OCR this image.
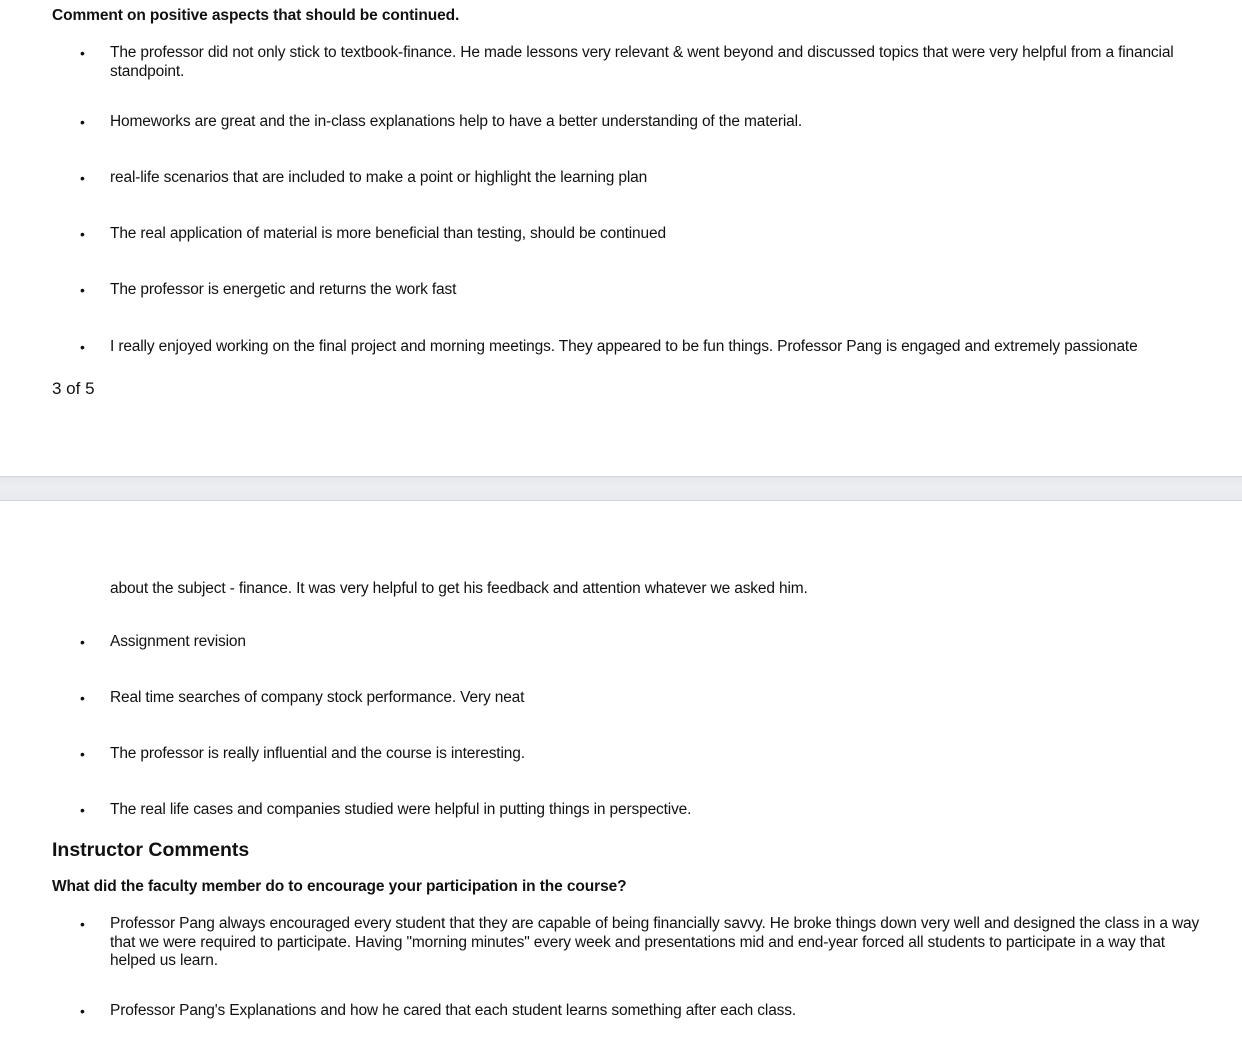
Comment on positive aspects that should be continued.
• The professor did not only stick to textbook-finance. He made lessons very relevant & went beyond and discussed topics that were very helpful from a financial standpoint.
• Homeworks are great and the in-class explanations help to have a better understanding of the material.
• real-life scenarios that are included to make a point or highlight the learning plan
• The real application of material is more beneficial than testing, should be continued
• The professor is energetic and returns the work fast
• I really enjoyed working on the final project and morning meetings. They appeared to be fun things. Professor Pang is engaged and extremely passionate
3 of 5
about the subject - finance. It was very helpful to get his feedback and attention whatever we asked him.
• Assignment revision
• Real time searches of company stock performance. Very neat
• The professor is really influential and the course is interesting.
• The real life cases and companies studied were helpful in putting things in perspective.
Instructor Comments
What did the faculty member do to encourage your participation in the course?
• Professor Pang always encouraged every student that they are capable of being financially savvy. He broke things down very well and designed the class in a way that we were required to participate. Having "morning minutes" every week and presentations mid and end-year forced all students to participate in a way that helped us learn.
• Professor Pang's Explanations and how he cared that each student learns something after each class.
